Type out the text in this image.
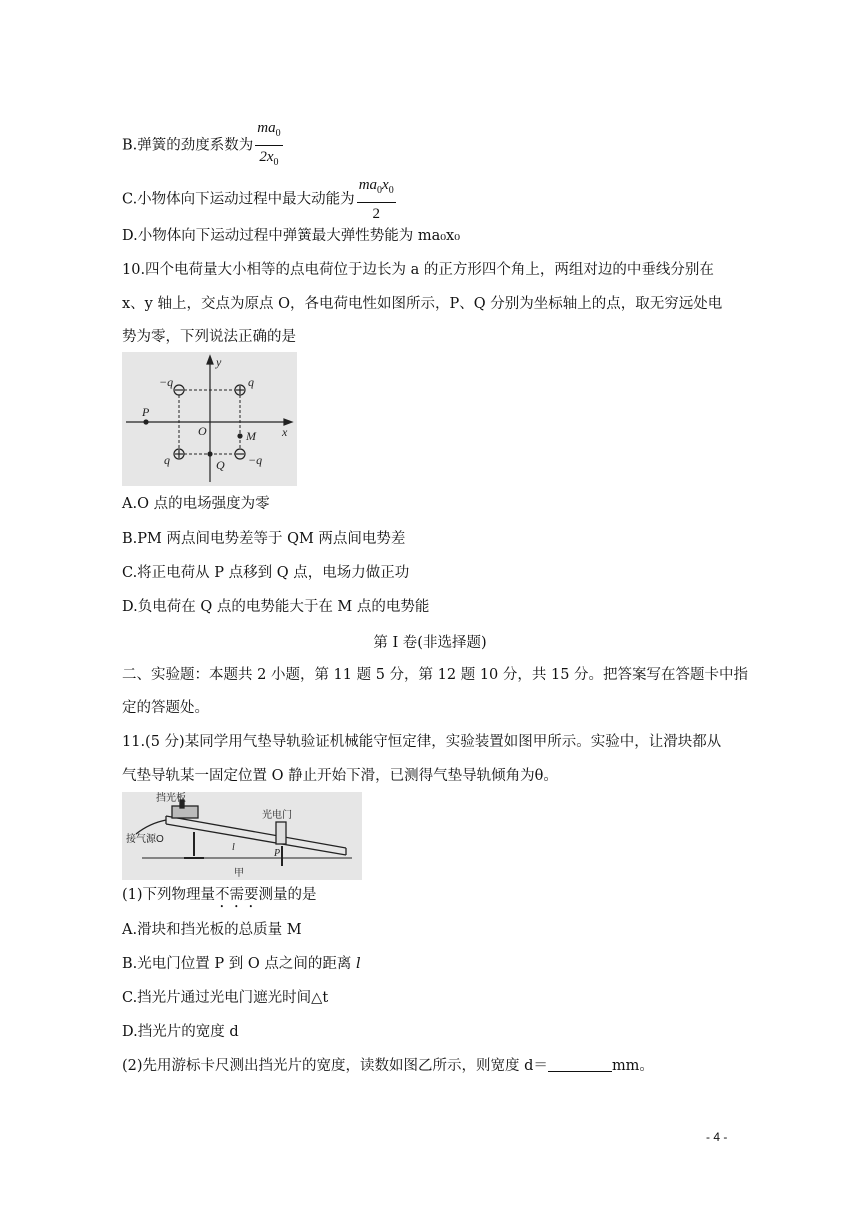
B.弹簧的劲度系数为 $\frac{ma_0}{2x_0}$
C.小物体向下运动过程中最大动能为 $\frac{ma_0x_0}{2}$
D.小物体向下运动过程中弹簧最大弹性势能为 ma₀x₀
10.四个电荷量大小相等的点电荷位于边长为 a 的正方形四个角上，两组对边的中垂线分别在
x、y 轴上，交点为原点 O，各电荷电性如图所示，P、Q 分别为坐标轴上的点，取无穷远处电
势为零，下列说法正确的是
y
x
O
P
Q
M
−q	q
q	−q
A.O 点的电场强度为零
B.PM 两点间电势差等于 QM 两点间电势差
C.将正电荷从 P 点移到 Q 点，电场力做正功
D.负电荷在 Q 点的电势能大于在 M 点的电势能
第 I 卷(非选择题)
二、实验题：本题共 2 小题，第 11 题 5 分，第 12 题 10 分，共 15 分。把答案写在答题卡中指
定的答题处。
11.(5 分)某同学用气垫导轨验证机械能守恒定律，实验装置如图甲所示。实验中，让滑块都从
气垫导轨某一固定位置 O 静止开始下滑，已测得气垫导轨倾角为θ。
挡光板
光电门
接气源O
甲
l
P
(1)下列物理量不需要测量的是
A.滑块和挡光板的总质量 M
B.光电门位置 P 到 O 点之间的距离 l
C.挡光片通过光电门遮光时间△t
D.挡光片的宽度 d
(2)先用游标卡尺测出挡光片的宽度，读数如图乙所示，则宽度 d＝	mm。
- 4 -
